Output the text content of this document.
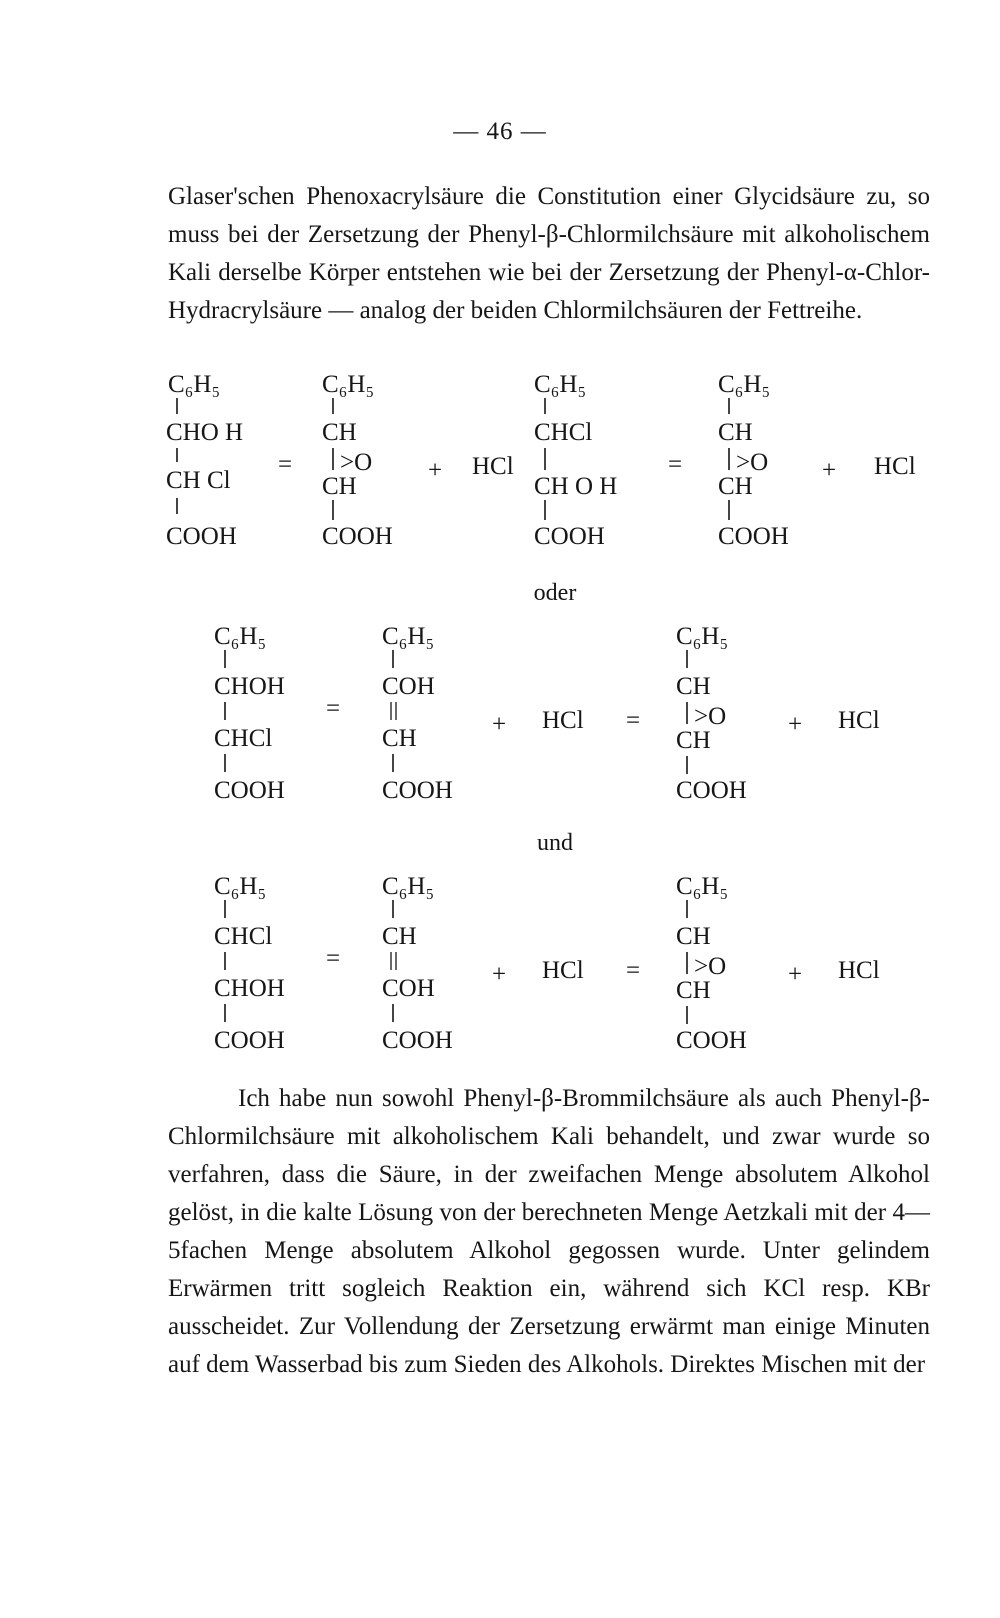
— 46 —

Glaser'schen Phenoxacrylsäure die Constitution einer Glycidsäure zu, so muss bei der Zersetzung der Phenyl-β-Chlormilchsäure mit alkoholischem Kali derselbe Körper entstehen wie bei der Zersetzung der Phenyl-α-Chlor-Hydracrylsäure — analog der beiden Chlormilchsäuren der Fettreihe.

C₆H₅
CHO H
CH Cl
COOH
=
C₆H₅
CH
>O
CH
COOH
+ HCl
C₆H₅
CHCl
CH O H
COOH
=
C₆H₅
CH
>O
CH
COOH
+ HCl
C₆H₅
CHOH
CHCl
COOH
=
C₆H₅
COH
CH
COOH
+ HCl =
C₆H₅
CH
>O
CH
COOH
+ HCl
C₆H₅
CHCl
CHOH
COOH
=
C₆H₅
CH
COH
COOH
+ HCl =
C₆H₅
CH
>O
CH
COOH
+ HCl
oder
und

Ich habe nun sowohl Phenyl-β-Brommilchsäure als auch Phenyl-β-Chlormilchsäure mit alkoholischem Kali behandelt, und zwar wurde so verfahren, dass die Säure, in der zweifachen Menge absolutem Alkohol gelöst, in die kalte Lösung von der berechneten Menge Aetzkali mit der 4—5fachen Menge absolutem Alkohol gegossen wurde. Unter gelindem Erwärmen tritt sogleich Reaktion ein, während sich KCl resp. KBr ausscheidet. Zur Vollendung der Zersetzung erwärmt man einige Minuten auf dem Wasserbad bis zum Sieden des Alkohols. Direktes Mischen mit der
